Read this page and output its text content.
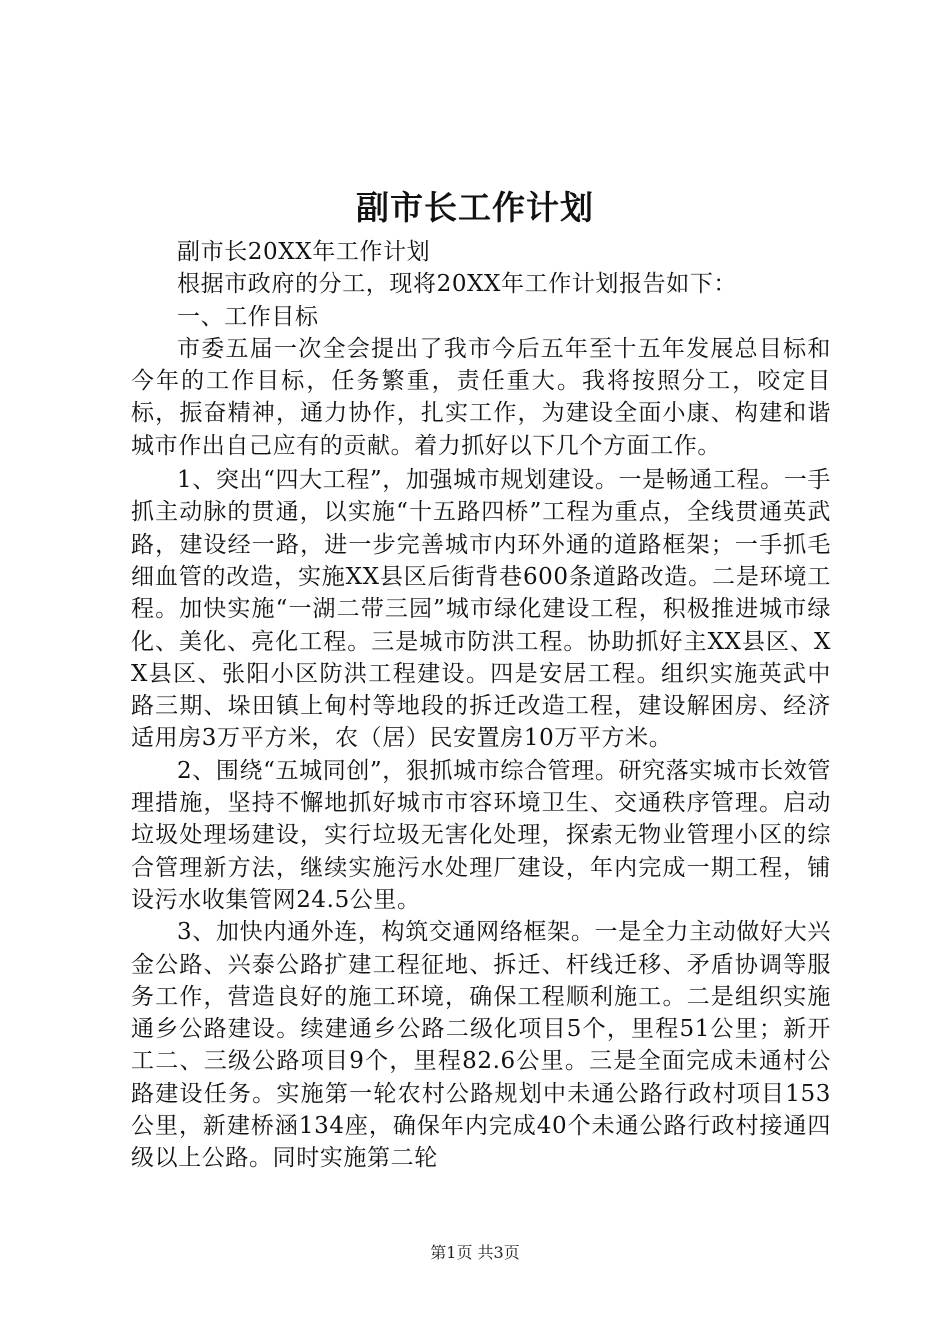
副市长工作计划

副市长20XX年工作计划

根据市政府的分工，现将20XX年工作计划报告如下：

一、工作目标

市委五届一次全会提出了我市今后五年至十五年发展总目标和今年的工作目标，任务繁重，责任重大。我将按照分工，咬定目标，振奋精神，通力协作，扎实工作，为建设全面小康、构建和谐城市作出自己应有的贡献。着力抓好以下几个方面工作。

1、突出“四大工程”，加强城市规划建设。一是畅通工程。一手抓主动脉的贯通，以实施“十五路四桥”工程为重点，全线贯通英武路，建设经一路，进一步完善城市内环外通的道路框架；一手抓毛细血管的改造，实施XX县区后街背巷600条道路改造。二是环境工程。加快实施“一湖二带三园”城市绿化建设工程，积极推进城市绿化、美化、亮化工程。三是城市防洪工程。协助抓好主XX县区、XX县区、张阳小区防洪工程建设。四是安居工程。组织实施英武中路三期、垛田镇上甸村等地段的拆迁改造工程，建设解困房、经济适用房3万平方米，农（居）民安置房10万平方米。

2、围绕“五城同创”，狠抓城市综合管理。研究落实城市长效管理措施，坚持不懈地抓好城市市容环境卫生、交通秩序管理。启动垃圾处理场建设，实行垃圾无害化处理，探索无物业管理小区的综合管理新方法，继续实施污水处理厂建设，年内完成一期工程，铺设污水收集管网24.5公里。

3、加快内通外连，构筑交通网络框架。一是全力主动做好大兴金公路、兴泰公路扩建工程征地、拆迁、杆线迁移、矛盾协调等服务工作，营造良好的施工环境，确保工程顺利施工。二是组织实施通乡公路建设。续建通乡公路二级化项目5个，里程51公里；新开工二、三级公路项目9个，里程82.6公里。三是全面完成未通村公路建设任务。实施第一轮农村公路规划中未通公路行政村项目153公里，新建桥涵134座，确保年内完成40个未通公路行政村接通四级以上公路。同时实施第二轮

第1页 共3页
